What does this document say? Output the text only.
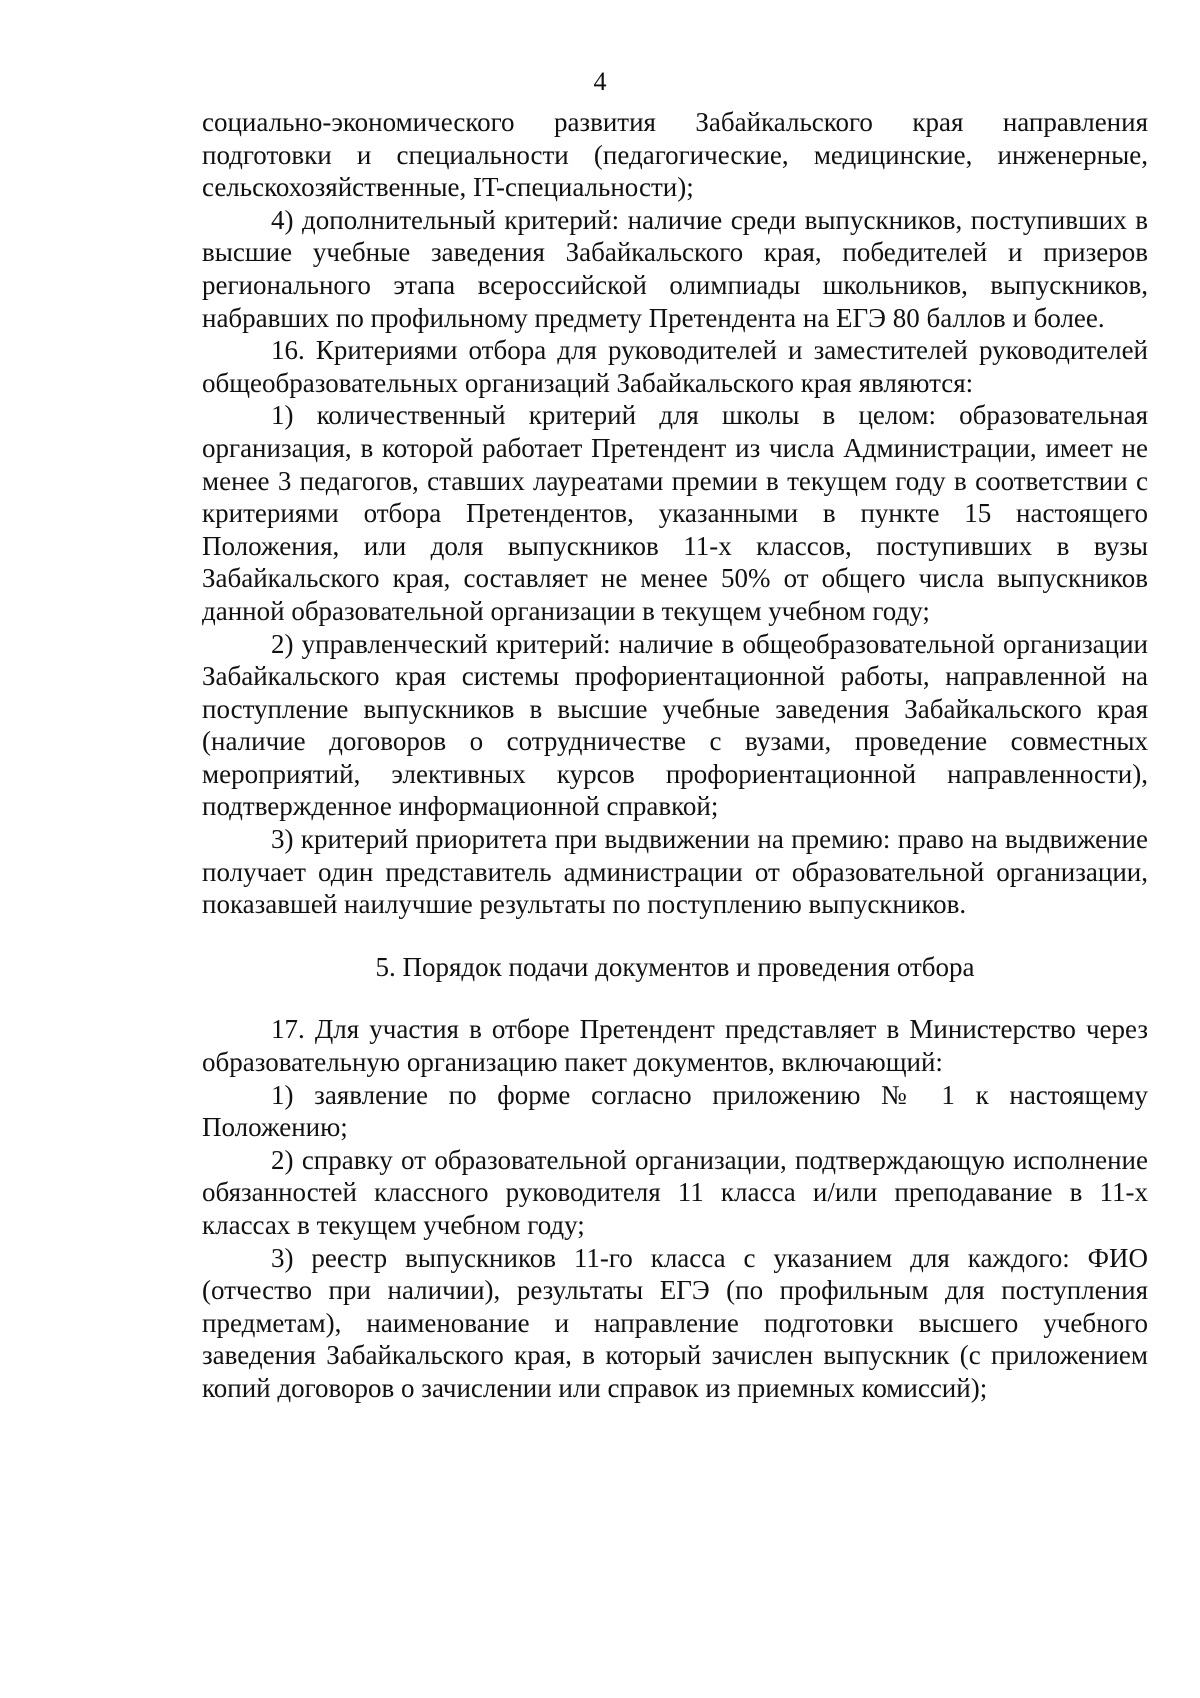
4

социально-экономического развития Забайкальского края направления подготовки и специальности (педагогические, медицинские, инженерные, сельскохозяйственные, IT-специальности);

4) дополнительный критерий: наличие среди выпускников, поступивших в высшие учебные заведения Забайкальского края, победителей и призеров регионального этапа всероссийской олимпиады школьников, выпускников, набравших по профильному предмету Претендента на ЕГЭ 80 баллов и более.

16. Критериями отбора для руководителей и заместителей руководителей общеобразовательных организаций Забайкальского края являются:

1) количественный критерий для школы в целом: образовательная организация, в которой работает Претендент из числа Администрации, имеет не менее 3 педагогов, ставших лауреатами премии в текущем году в соответствии с критериями отбора Претендентов, указанными в пункте 15 настоящего Положения, или доля выпускников 11-х классов, поступивших в вузы Забайкальского края, составляет не менее 50% от общего числа выпускников данной образовательной организации в текущем учебном году;

2) управленческий критерий: наличие в общеобразовательной организации Забайкальского края системы профориентационной работы, направленной на поступление выпускников в высшие учебные заведения Забайкальского края (наличие договоров о сотрудничестве с вузами, проведение совместных мероприятий, элективных курсов профориентационной направленности), подтвержденное информационной справкой;

3) критерий приоритета при выдвижении на премию: право на выдвижение получает один представитель администрации от образовательной организации, показавшей наилучшие результаты по поступлению выпускников.

5. Порядок подачи документов и проведения отбора

17. Для участия в отборе Претендент представляет в Министерство через образовательную организацию пакет документов, включающий:

1) заявление по форме согласно приложению № 1 к настоящему Положению;

2) справку от образовательной организации, подтверждающую исполнение обязанностей классного руководителя 11 класса и/или преподавание в 11-х классах в текущем учебном году;

3) реестр выпускников 11-го класса с указанием для каждого: ФИО (отчество при наличии), результаты ЕГЭ (по профильным для поступления предметам), наименование и направление подготовки высшего учебного заведения Забайкальского края, в который зачислен выпускник (с приложением копий договоров о зачислении или справок из приемных комиссий);
